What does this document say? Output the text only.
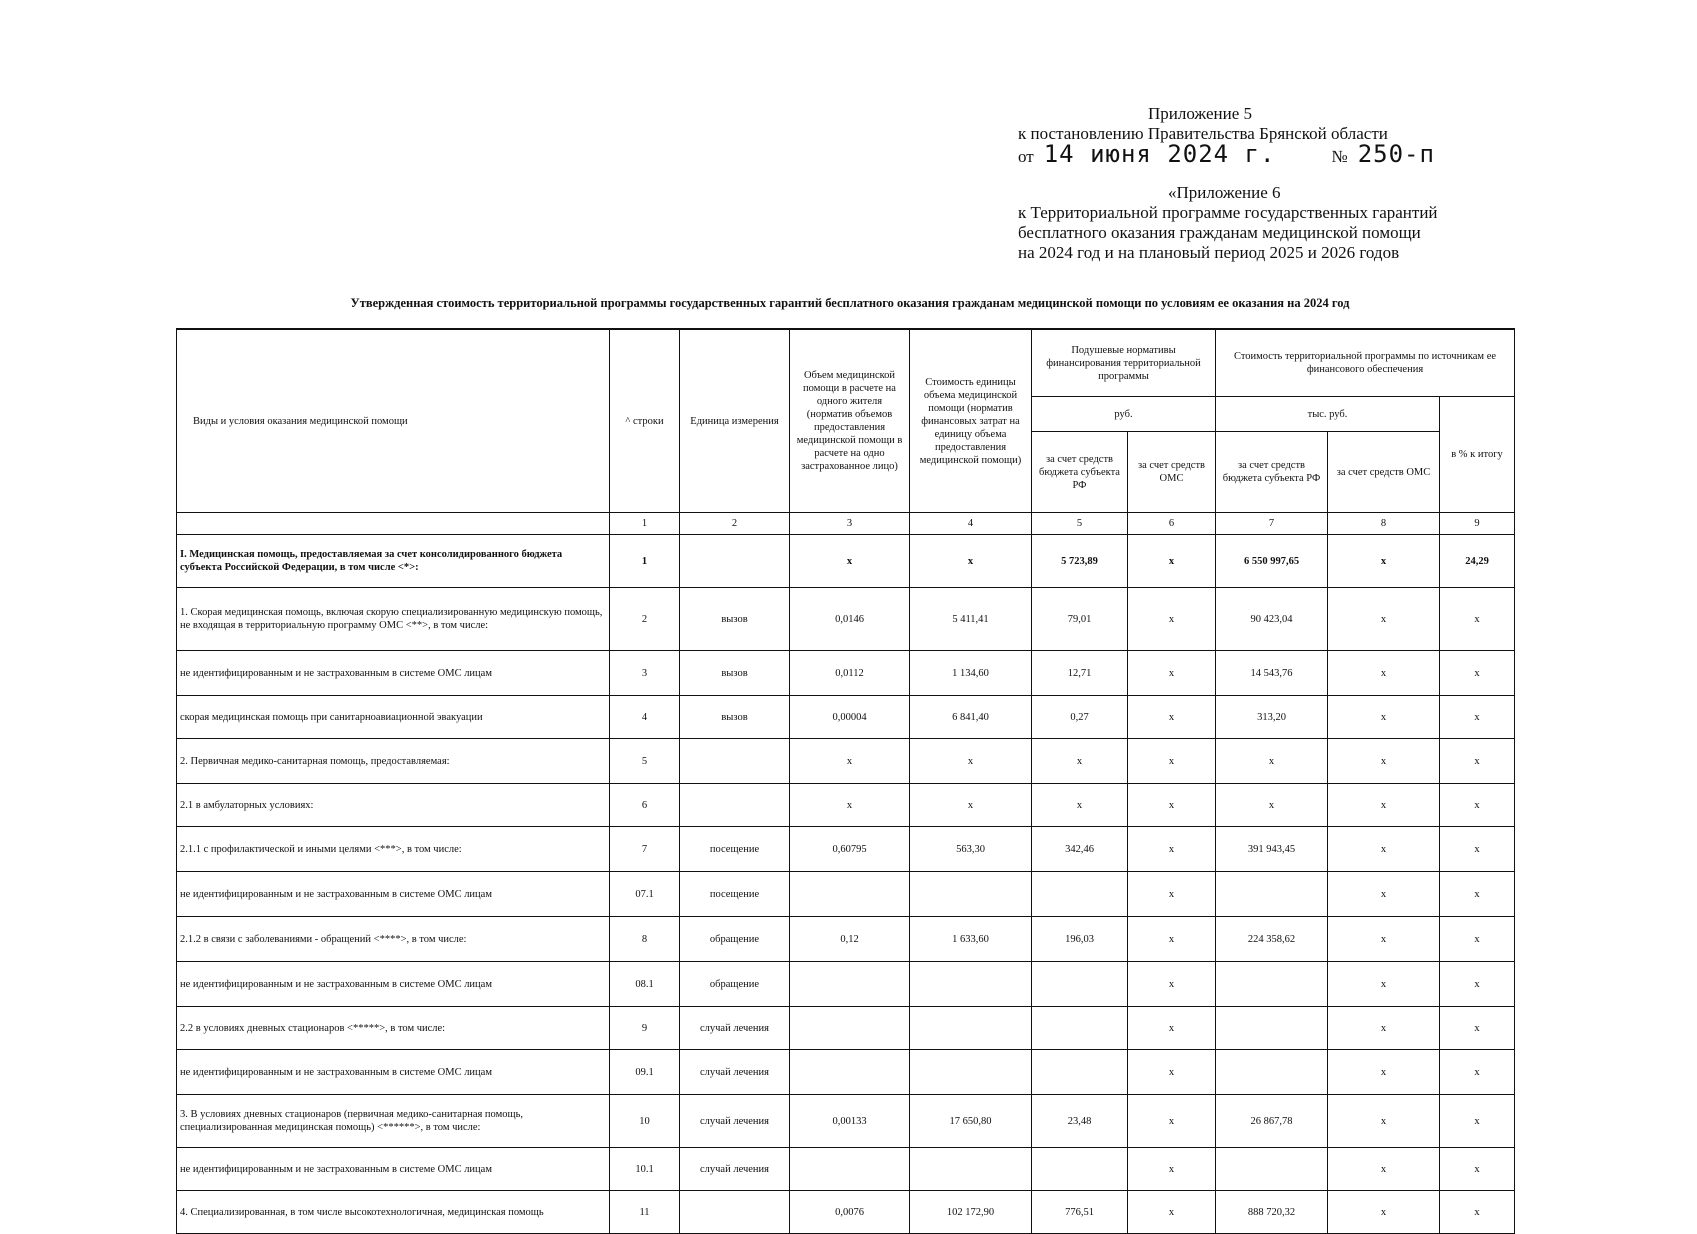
Приложение 5
к постановлению Правительства Брянской области
от 14 июня 2024 г.	№ 250-п
«Приложение 6
к Территориальной программе государственных гарантий
бесплатного оказания гражданам медицинской помощи
на 2024 год и на плановый период 2025 и 2026 годов
Утвержденная стоимость территориальной программы государственных гарантий бесплатного оказания гражданам медицинской помощи по условиям ее оказания на 2024 год
Виды и условия оказания медицинской помощи	^ строки	Единица измерения	Объем медицинской помощи в расчете на одного жителя (норматив объемов предоставления медицинской помощи в расчете на одно застрахованное лицо)	Стоимость единицы объема медицинской помощи (норматив финансовых затрат на единицу объема предоставления медицинской помощи)	Подушевые нормативы финансирования территориальной программы		Стоимость территориальной программы по источникам ее финансового обеспечения		
					руб.		тыс. руб.		в % к итогу
					за счет средств бюджета субъекта РФ	за счет средств ОМС	за счет средств бюджета субъекта РФ	за счет средств ОМС	
	1	2	3	4	5	6	7	8	9
I. Медицинская помощь, предоставляемая за счет консолидированного бюджета субъекта Российской Федерации, в том числе <*>:	1		x	x	5 723,89	x	6 550 997,65	x	24,29
1. Скорая медицинская помощь, включая скорую специализированную медицинскую помощь, не входящая в территориальную программу ОМС <**>, в том числе:	2	вызов	0,0146	5 411,41	79,01	x	90 423,04	x	x
не идентифицированным и не застрахованным в системе ОМС лицам	3	вызов	0,0112	1 134,60	12,71	x	14 543,76	x	x
скорая медицинская помощь при санитарноавиационной эвакуации	4	вызов	0,00004	6 841,40	0,27	x	313,20	x	x
2. Первичная медико-санитарная помощь, предоставляемая:	5		x	x	x	x	x	x	x
2.1 в амбулаторных условиях:	6		x	x	x	x	x	x	x
2.1.1 с профилактической и иными целями <***>, в том числе:	7	посещение	0,60795	563,30	342,46	x	391 943,45	x	x
не идентифицированным и не застрахованным в системе ОМС лицам	07.1	посещение				x		x	x
2.1.2 в связи с заболеваниями - обращений <****>, в том числе:	8	обращение	0,12	1 633,60	196,03	x	224 358,62	x	x
не идентифицированным и не застрахованным в системе ОМС лицам	08.1	обращение				x		x	x
2.2 в условиях дневных стационаров <*****>, в том числе:	9	случай лечения				x		x	x
не идентифицированным и не застрахованным в системе ОМС лицам	09.1	случай лечения				x		x	x
3. В условиях дневных стационаров (первичная медико-санитарная помощь, специализированная медицинская помощь) <******>, в том числе:	10	случай лечения	0,00133	17 650,80	23,48	x	26 867,78	x	x
не идентифицированным и не застрахованным в системе ОМС лицам	10.1	случай лечения				x		x	x
4. Специализированная, в том числе высокотехнологичная, медицинская помощь	11		0,0076	102 172,90	776,51	x	888 720,32	x	x
